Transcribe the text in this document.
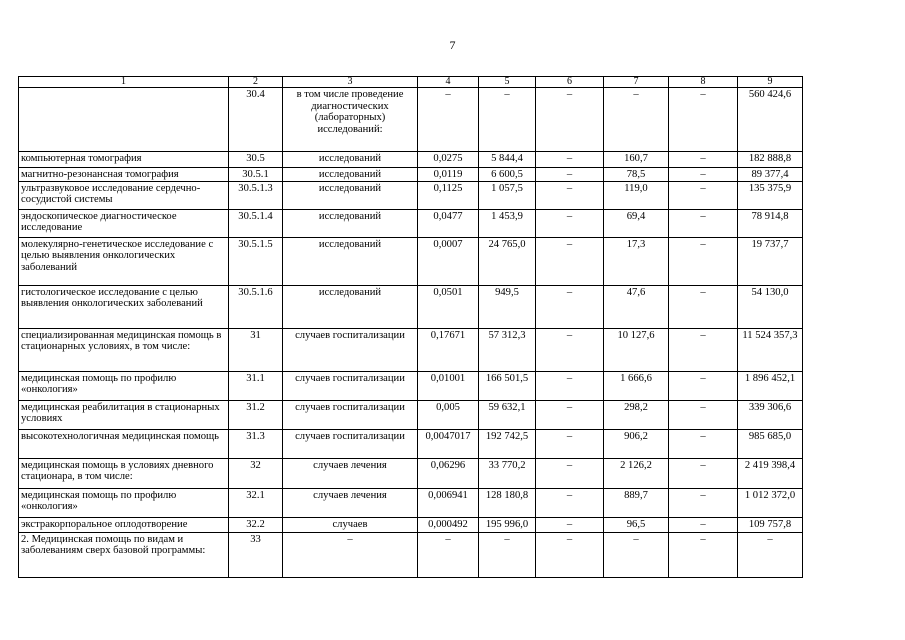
7
1	2	3	4	5	6	7	8	9
	30.4	в том числе проведение диагностических (лабораторных) исследований:	–	–	–	–	–	560 424,6
компьютерная томография	30.5	исследований	0,0275	5 844,4	–	160,7	–	182 888,8
магнитно-резонансная томография	30.5.1	исследований	0,0119	6 600,5	–	78,5	–	89 377,4
ультразвуковое исследование сердечно-сосудистой системы	30.5.1.3	исследований	0,1125	1 057,5	–	119,0	–	135 375,9
эндоскопическое диагностическое исследование	30.5.1.4	исследований	0,0477	1 453,9	–	69,4	–	78 914,8
молекулярно-генетическое исследование с целью выявления онкологических заболеваний	30.5.1.5	исследований	0,0007	24 765,0	–	17,3	–	19 737,7
гистологическое исследование с целью выявления онкологических заболеваний	30.5.1.6	исследований	0,0501	949,5	–	47,6	–	54 130,0
специализированная медицинская помощь в стационарных условиях, в том числе:	31	случаев госпитализации	0,17671	57 312,3	–	10 127,6	–	11 524 357,3
медицинская помощь по профилю «онкология»	31.1	случаев госпитализации	0,01001	166 501,5	–	1 666,6	–	1 896 452,1
медицинская реабилитация в стационарных условиях	31.2	случаев госпитализации	0,005	59 632,1	–	298,2	–	339 306,6
высокотехнологичная медицинская помощь	31.3	случаев госпитализации	0,0047017	192 742,5	–	906,2	–	985 685,0
медицинская помощь в условиях дневного стационара, в том числе:	32	случаев лечения	0,06296	33 770,2	–	2 126,2	–	2 419 398,4
медицинская помощь по профилю «онкология»	32.1	случаев лечения	0,006941	128 180,8	–	889,7	–	1 012 372,0
экстракорпоральное оплодотворение	32.2	случаев	0,000492	195 996,0	–	96,5	–	109 757,8
2. Медицинская помощь по видам и заболеваниям сверх базовой программы:	33	–	–	–	–	–	–	–
